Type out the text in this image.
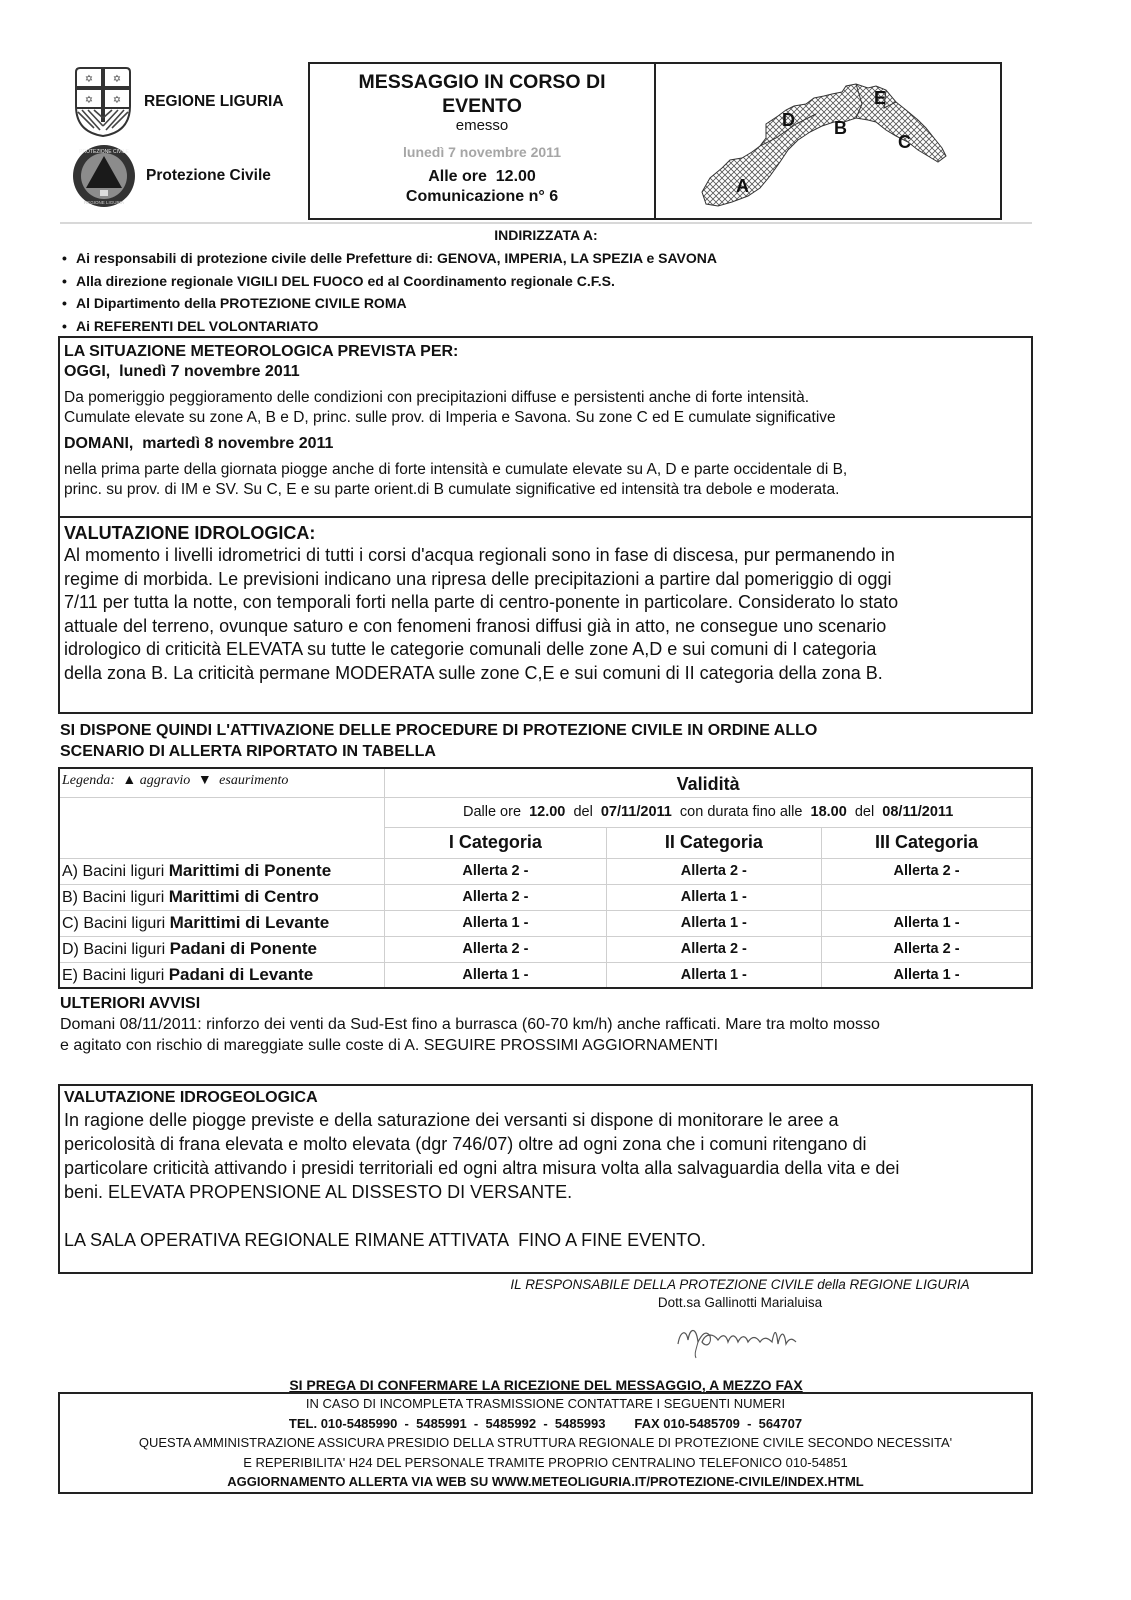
✡ ✡
✡ ✡ REGIONE LIGURIA
PROTEZIONE CIVILE
REGIONE LIGURIA
Protezione Civile
MESSAGGIO IN CORSO DI
EVENTO
emesso
lunedì 7 novembre 2011
Alle ore  12.00
Comunicazione n° 6
A
B
C
D
E
INDIRIZZATA A:
• Ai responsabili di protezione civile delle Prefetture di: GENOVA, IMPERIA, LA SPEZIA e SAVONA
• Alla direzione regionale VIGILI DEL FUOCO ed al Coordinamento regionale C.F.S.
• Al Dipartimento della PROTEZIONE CIVILE ROMA
• Ai REFERENTI DEL VOLONTARIATO
LA SITUAZIONE METEOROLOGICA PREVISTA PER:
OGGI,  lunedì 7 novembre 2011
Da pomeriggio peggioramento delle condizioni con precipitazioni diffuse e persistenti anche di forte intensità.
Cumulate elevate su zone A, B e D, princ. sulle prov. di Imperia e Savona. Su zone C ed E cumulate significative
DOMANI,  martedì 8 novembre 2011
nella prima parte della giornata piogge anche di forte intensità e cumulate elevate su A, D e parte occidentale di B,
princ. su prov. di IM e SV. Su C, E e su parte orient.di B cumulate significative ed intensità tra debole e moderata.
VALUTAZIONE IDROLOGICA:
Al momento i livelli idrometrici di tutti i corsi d'acqua regionali sono in fase di discesa, pur permanendo in
regime di morbida. Le previsioni indicano una ripresa delle precipitazioni a partire dal pomeriggio di oggi
7/11 per tutta la notte, con temporali forti nella parte di centro-ponente in particolare. Considerato lo stato
attuale del terreno, ovunque saturo e con fenomeni franosi diffusi già in atto, ne consegue uno scenario
idrologico di criticità ELEVATA su tutte le categorie comunali delle zone A,D e sui comuni di I categoria
della zona B. La criticità permane MODERATA sulle zone C,E e sui comuni di II categoria della zona B.
SI DISPONE QUINDI L'ATTIVAZIONE DELLE PROCEDURE DI PROTEZIONE CIVILE IN ORDINE ALLO
SCENARIO DI ALLERTA RIPORTATO IN TABELLA
Legenda: ▲ aggravio ▼ esaurimento	Validità		
	Dalle ore 12.00 del 07/11/2011 con durata fino alle 18.00 del 08/11/2011		
	I Categoria	II Categoria	III Categoria
A) Bacini liguri Marittimi di Ponente	Allerta 2 -	Allerta 2 -	Allerta 2 -
B) Bacini liguri Marittimi di Centro	Allerta 2 -	Allerta 1 -	
C) Bacini liguri Marittimi di Levante	Allerta 1 -	Allerta 1 -	Allerta 1 -
D) Bacini liguri Padani di Ponente	Allerta 2 -	Allerta 2 -	Allerta 2 -
E) Bacini liguri Padani di Levante	Allerta 1 -	Allerta 1 -	Allerta 1 -
ULTERIORI AVVISI
Domani 08/11/2011: rinforzo dei venti da Sud-Est fino a burrasca (60-70 km/h) anche rafficati. Mare tra molto mosso
e agitato con rischio di mareggiate sulle coste di A. SEGUIRE PROSSIMI AGGIORNAMENTI
VALUTAZIONE IDROGEOLOGICA
In ragione delle piogge previste e della saturazione dei versanti si dispone di monitorare le aree a
pericolosità di frana elevata e molto elevata (dgr 746/07) oltre ad ogni zona che i comuni ritengano di
particolare criticità attivando i presidi territoriali ed ogni altra misura volta alla salvaguardia della vita e dei
beni. ELEVATA PROPENSIONE AL DISSESTO DI VERSANTE.
LA SALA OPERATIVA REGIONALE RIMANE ATTIVATA  FINO A FINE EVENTO.
IL RESPONSABILE DELLA PROTEZIONE CIVILE della REGIONE LIGURIA
Dott.sa Gallinotti Marialuisa
SI PREGA DI CONFERMARE LA RICEZIONE DEL MESSAGGIO, A MEZZO FAX
IN CASO DI INCOMPLETA TRASMISSIONE CONTATTARE I SEGUENTI NUMERI
TEL. 010-5485990  -  5485991  -  5485992  -  5485993        FAX 010-5485709  -  564707
QUESTA AMMINISTRAZIONE ASSICURA PRESIDIO DELLA STRUTTURA REGIONALE DI PROTEZIONE CIVILE SECONDO NECESSITA'
E REPERIBILITA' H24 DEL PERSONALE TRAMITE PROPRIO CENTRALINO TELEFONICO 010-54851
AGGIORNAMENTO ALLERTA VIA WEB SU WWW.METEOLIGURIA.IT/PROTEZIONE-CIVILE/INDEX.HTML
